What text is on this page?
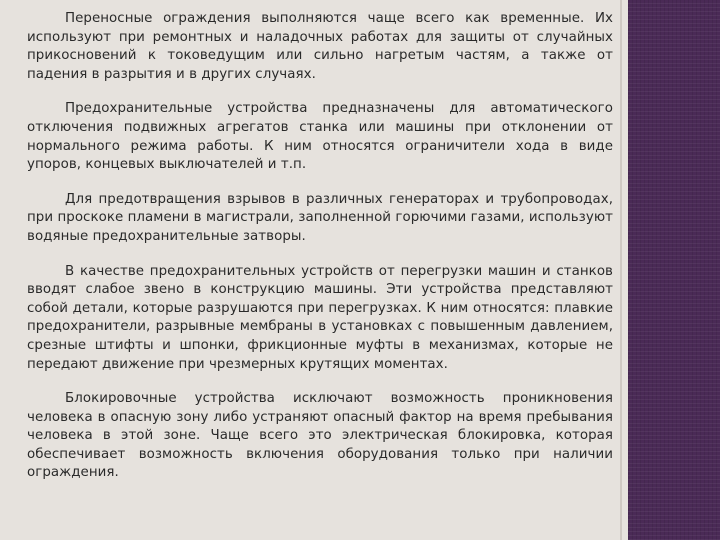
Переносные ограждения выполняются чаще всего как временные. Их используют при ремонтных и наладочных работах для защиты от случайных прикосновений к токоведущим или сильно нагретым частям, а также от падения в разрытия и в других случаях.

Предохранительные устройства предназначены для автоматического отключения подвижных агрегатов станка или машины при отклонении от нормального режима работы. К ним относятся ограничители хода в виде упоров, концевых выключателей и т.п.

Для предотвращения взрывов в различных генераторах и трубопроводах, при проскоке пламени в магистрали, заполненной горючими газами, используют водяные предохранительные затворы.

В качестве предохранительных устройств от перегрузки машин и станков вводят слабое звено в конструкцию машины. Эти устройства представляют собой детали, которые разрушаются при перегрузках. К ним относятся: плавкие предохранители, разрывные мембраны в установках с повышенным давлением, срезные штифты и шпонки, фрикционные муфты в механизмах, которые не передают движение при чрезмерных крутящих моментах.

Блокировочные устройства исключают возможность проникновения человека в опасную зону либо устраняют опасный фактор на время пребывания человека в этой зоне. Чаще всего это электрическая блокировка, которая обеспечивает возможность включения оборудования только при наличии ограждения.
